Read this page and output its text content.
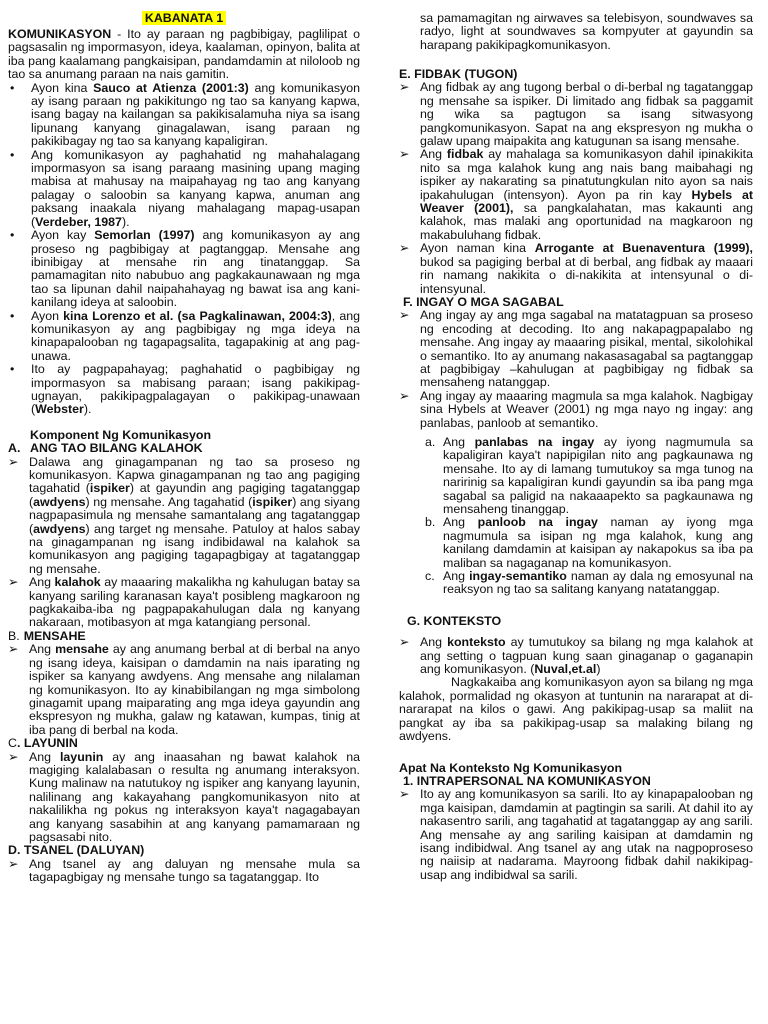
KABANATA 1

KOMUNIKASYON - Ito ay paraan ng pagbibigay, paglilipat o pagsasalin ng impormasyon, ideya, kaalaman, opinyon, balita at iba pang kaalamang pangkaisipan, pandamdamin at niloloob ng tao sa anumang paraan na nais gamitin.

•	Ayon kina Sauco at Atienza (2001:3) ang komunikasyon ay isang paraan ng pakikitungo ng tao sa kanyang kapwa, isang bagay na kailangan sa pakikisalamuha niya sa isang lipunang kanyang ginagalawan, isang paraan ng pakikibagay ng tao sa kanyang kapaligiran.
•	Ang komunikasyon ay paghahatid ng mahahalagang impormasyon sa isang paraang masining upang maging mabisa at mahusay na maipahayag ng tao ang kanyang palagay o saloobin sa kanyang kapwa, anuman ang paksang inaakala niyang mahalagang mapag-usapan (Verdeber, 1987).
•	Ayon kay Semorlan (1997) ang komunikasyon ay ang proseso ng pagbibigay at pagtanggap. Mensahe ang ibinibigay at mensahe rin ang tinatanggap. Sa pamamagitan nito nabubuo ang pagkakaunawaan ng mga tao sa lipunan dahil naipahahayag ng bawat isa ang kani-kanilang ideya at saloobin.
•	Ayon kina Lorenzo et al. (sa Pagkalinawan, 2004:3), ang komunikasyon ay ang pagbibigay ng mga ideya na kinapapalooban ng tagapagsalita, tagapakinig at ang pag-unawa.
•	Ito ay pagpapahayag; paghahatid o pagbibigay ng impormasyon sa mabisang paraan; isang pakikipag-ugnayan, pakikipagpalagayan o pakikipag-unawaan (Webster).
Komponent Ng Komunikasyon
A. ANG TAO BILANG KALAHOK
➢ Dalawa ang ginagampanan ng tao sa proseso ng komunikasyon. Kapwa ginagampanan ng tao ang pagiging tagahatid (ispiker) at gayundin ang pagiging tagatanggap (awdyens) ng mensahe. Ang tagahatid (ispiker) ang siyang nagpapasimula ng mensahe samantalang ang tagatanggap (awdyens) ang target ng mensahe. Patuloy at halos sabay na ginagampanan ng isang indibidawal na kalahok sa komunikasyon ang pagiging tagapagbigay at tagatanggap ng mensahe.
➢ Ang kalahok ay maaaring makalikha ng kahulugan batay sa kanyang sariling karanasan kaya't posibleng magkaroon ng pagkakaiba-iba ng pagpapakahulugan dala ng kanyang nakaraan, motibasyon at mga katangiang personal.
B. MENSAHE
➢ Ang mensahe ay ang anumang berbal at di berbal na anyo ng isang ideya, kaisipan o damdamin na nais iparating ng ispiker sa kanyang awdyens. Ang mensahe ang nilalaman ng komunikasyon. Ito ay kinabibilangan ng mga simbolong ginagamit upang maiparating ang mga ideya gayundin ang ekspresyon ng mukha, galaw ng katawan, kumpas, tinig at iba pang di berbal na koda.
C . LAYUNIN
➢ Ang layunin ay ang inaasahan ng bawat kalahok na magiging kalalabasan o resulta ng anumang interaksyon. Kung malinaw na natutukoy ng ispiker ang kanyang layunin, nalilinang ang kakayahang pangkomunikasyon nito at nakalilikha ng pokus ng interaksyon kaya't nagagabayan ang kanyang sasabihin at ang kanyang pamamaraan ng pagsasabi nito.
D. TSANEL (DALUYAN)
➢ Ang tsanel ay ang daluyan ng mensahe mula sa tagapagbigay ng mensahe tungo sa tagatanggap. Ito
E. FIDBAK (TUGON)
➢ Ang fidbak ay ang tugong berbal o di-berbal ng tagatanggap ng mensahe sa ispiker. Di limitado ang fidbak sa paggamit ng wika sa pagtugon sa isang sitwasyong pangkomunikasyon. Sapat na ang ekspresyon ng mukha o galaw upang maipakita ang katugunan sa isang mensahe.
➢ Ang fidbak ay mahalaga sa komunikasyon dahil ipinakikita nito sa mga kalahok kung ang nais bang maibahagi ng ispiker ay nakarating sa pinatutungkulan nito ayon sa nais ipakahulugan (intensyon). Ayon pa rin kay Hybels at Weaver (2001), sa pangkalahatan, mas kakaunti ang kalahok, mas malaki ang oportunidad na magkaroon ng makabuluhang fidbak.
➢ Ayon naman kina Arrogante at Buenaventura (1999), bukod sa pagiging berbal at di berbal, ang fidbak ay maaari rin namang nakikita o di-nakikita at intensyunal o di- intensyunal.
F. INGAY O MGA SAGABAL
➢ Ang ingay ay ang mga sagabal na matatagpuan sa proseso ng encoding at decoding. Ito ang nakapagpapalabo ng mensahe. Ang ingay ay maaaring pisikal, mental, sikolohikal o semantiko. Ito ay anumang nakasasagabal sa pagtanggap at pagbibigay –kahulugan at pagbibigay ng fidbak sa mensaheng natanggap.
➢ Ang ingay ay maaaring magmula sa mga kalahok. Nagbigay sina Hybels at Weaver (2001) ng mga nayo ng ingay: ang panlabas, panloob at semantiko.
a. Ang panlabas na ingay ay iyong nagmumula sa kapaligiran kaya't napipigilan nito ang pagkaunawa ng mensahe. Ito ay di lamang tumutukoy sa mga tunog na naririnig sa kapaligiran kundi gayundin sa iba pang mga sagabal sa paligid na nakaaapekto sa pagkaunawa ng mensaheng tinanggap.
b. Ang panloob na ingay naman ay iyong mga nagmumula sa isipan ng mga kalahok, kung ang kanilang damdamin at kaisipan ay nakapokus sa iba pa maliban sa nagaganap na komunikasyon.
c. Ang ingay-semantiko naman ay dala ng emosyunal na reaksyon ng tao sa salitang kanyang natatanggap.
G. KONTEKSTO
➢ Ang konteksto ay tumutukoy sa bilang ng mga kalahok at ang setting o tagpuan kung saan ginaganap o gaganapin ang komunikasyon. (Nuval,et.al)

Nagkakaiba ang komunikasyon ayon sa bilang ng mga kalahok, pormalidad ng okasyon at tuntunin na nararapat at di-nararapat na kilos o gawi. Ang pakikipag-usap sa maliit na pangkat ay iba sa pakikipag-usap sa malaking bilang ng awdyens.

Apat Na Konteksto Ng Komunikasyon
1. INTRAPERSONAL NA KOMUNIKASYON
➢ Ito ay ang komunikasyon sa sarili. Ito ay kinapapalooban ng mga kaisipan, damdamin at pagtingin sa sarili. At dahil ito ay nakasentro sarili, ang tagahatid at tagatanggap ay ang sarili. Ang mensahe ay ang sariling kaisipan at damdamin ng isang indibidwal. Ang tsanel ay ang utak na nagpoproseso ng naiisip at nadarama. Mayroong fidbak dahil nakikipag-usap ang indibidwal sa sarili.
sa pamamagitan ng airwaves sa telebisyon, soundwaves sa radyo, light at soundwaves sa kompyuter at gayundin sa harapang pakikipagkomunikasyon.
